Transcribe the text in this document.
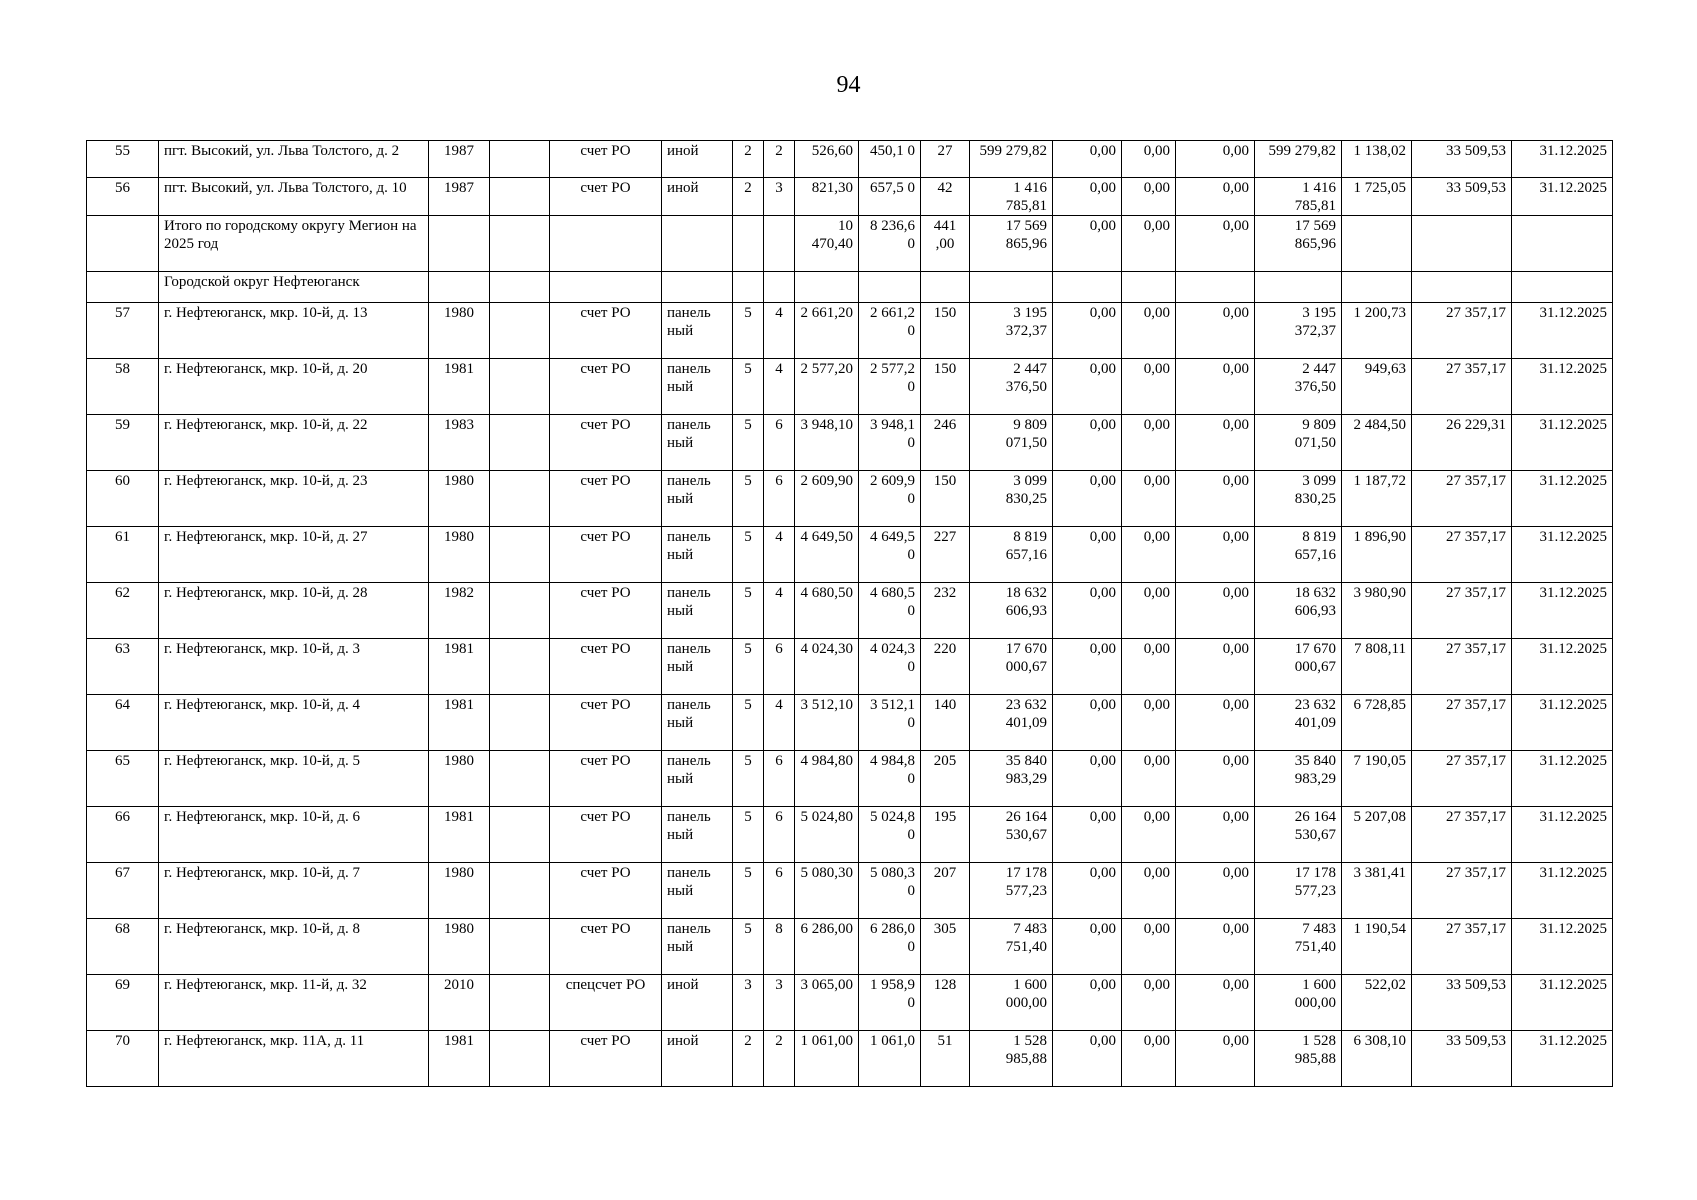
94
55	пгт. Высокий, ул. Льва Толстого, д. 2	1987		счет РО	иной	2	2	526,60	450,1 0	27	599 279,82	0,00	0,00	0,00	599 279,82	1 138,02	33 509,53	31.12.2025
56	пгт. Высокий, ул. Льва Толстого, д. 10	1987		счет РО	иной	2	3	821,30	657,5 0	42	1 416 785,81	0,00	0,00	0,00	1 416 785,81	1 725,05	33 509,53	31.12.2025
	Итого по городскому округу Мегион на 2025 год							10 470,40	8 236,6 0	441 ,00	17 569 865,96	0,00	0,00	0,00	17 569 865,96			
	Городской округ Нефтеюганск																	
57	г. Нефтеюганск, мкр. 10-й, д. 13	1980		счет РО	панель ный	5	4	2 661,20	2 661,2 0	150	3 195 372,37	0,00	0,00	0,00	3 195 372,37	1 200,73	27 357,17	31.12.2025
58	г. Нефтеюганск, мкр. 10-й, д. 20	1981		счет РО	панель ный	5	4	2 577,20	2 577,2 0	150	2 447 376,50	0,00	0,00	0,00	2 447 376,50	949,63	27 357,17	31.12.2025
59	г. Нефтеюганск, мкр. 10-й, д. 22	1983		счет РО	панель ный	5	6	3 948,10	3 948,1 0	246	9 809 071,50	0,00	0,00	0,00	9 809 071,50	2 484,50	26 229,31	31.12.2025
60	г. Нефтеюганск, мкр. 10-й, д. 23	1980		счет РО	панель ный	5	6	2 609,90	2 609,9 0	150	3 099 830,25	0,00	0,00	0,00	3 099 830,25	1 187,72	27 357,17	31.12.2025
61	г. Нефтеюганск, мкр. 10-й, д. 27	1980		счет РО	панель ный	5	4	4 649,50	4 649,5 0	227	8 819 657,16	0,00	0,00	0,00	8 819 657,16	1 896,90	27 357,17	31.12.2025
62	г. Нефтеюганск, мкр. 10-й, д. 28	1982		счет РО	панель ный	5	4	4 680,50	4 680,5 0	232	18 632 606,93	0,00	0,00	0,00	18 632 606,93	3 980,90	27 357,17	31.12.2025
63	г. Нефтеюганск, мкр. 10-й, д. 3	1981		счет РО	панель ный	5	6	4 024,30	4 024,3 0	220	17 670 000,67	0,00	0,00	0,00	17 670 000,67	7 808,11	27 357,17	31.12.2025
64	г. Нефтеюганск, мкр. 10-й, д. 4	1981		счет РО	панель ный	5	4	3 512,10	3 512,1 0	140	23 632 401,09	0,00	0,00	0,00	23 632 401,09	6 728,85	27 357,17	31.12.2025
65	г. Нефтеюганск, мкр. 10-й, д. 5	1980		счет РО	панель ный	5	6	4 984,80	4 984,8 0	205	35 840 983,29	0,00	0,00	0,00	35 840 983,29	7 190,05	27 357,17	31.12.2025
66	г. Нефтеюганск, мкр. 10-й, д. 6	1981		счет РО	панель ный	5	6	5 024,80	5 024,8 0	195	26 164 530,67	0,00	0,00	0,00	26 164 530,67	5 207,08	27 357,17	31.12.2025
67	г. Нефтеюганск, мкр. 10-й, д. 7	1980		счет РО	панель ный	5	6	5 080,30	5 080,3 0	207	17 178 577,23	0,00	0,00	0,00	17 178 577,23	3 381,41	27 357,17	31.12.2025
68	г. Нефтеюганск, мкр. 10-й, д. 8	1980		счет РО	панель ный	5	8	6 286,00	6 286,0 0	305	7 483 751,40	0,00	0,00	0,00	7 483 751,40	1 190,54	27 357,17	31.12.2025
69	г. Нефтеюганск, мкр. 11-й, д. 32	2010		спецсчет РО	иной	3	3	3 065,00	1 958,9 0	128	1 600 000,00	0,00	0,00	0,00	1 600 000,00	522,02	33 509,53	31.12.2025
70	г. Нефтеюганск, мкр. 11А, д. 11	1981		счет РО	иной	2	2	1 061,00	1 061,0	51	1 528 985,88	0,00	0,00	0,00	1 528 985,88	6 308,10	33 509,53	31.12.2025
